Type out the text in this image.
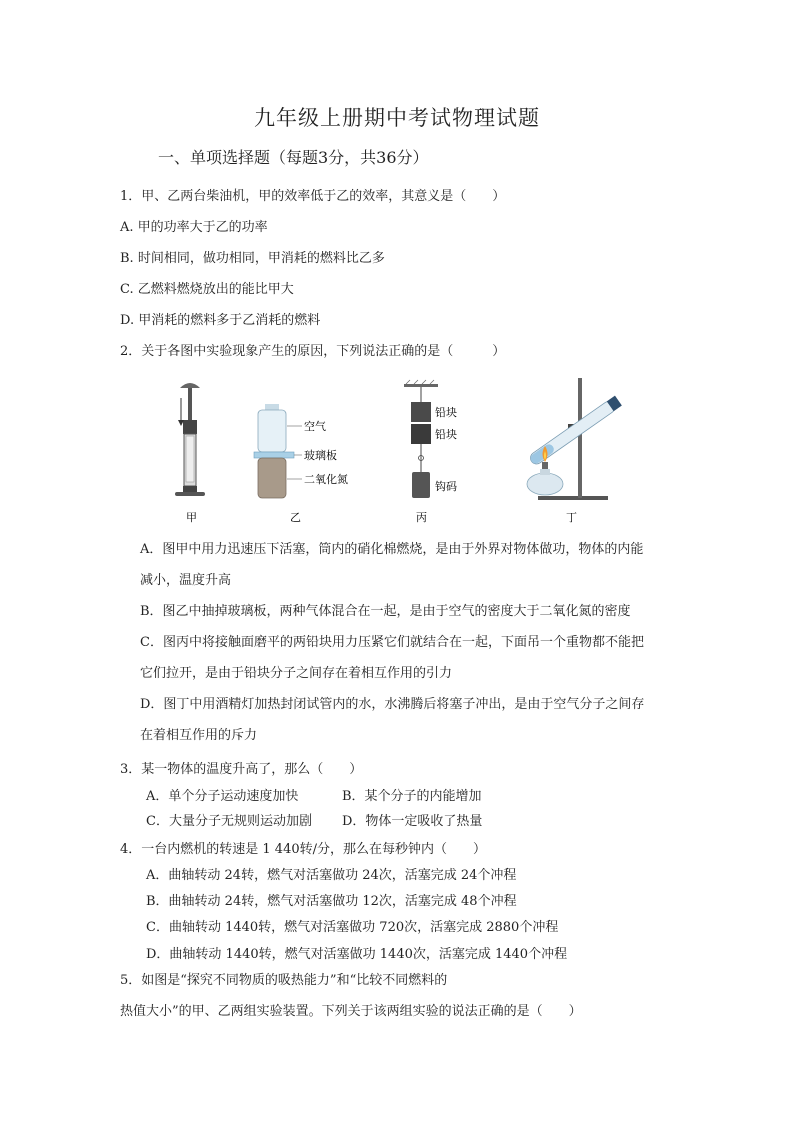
九年级上册期中考试物理试题
一、单项选择题（每题3分，共36分）
1．甲、乙两台柴油机，甲的效率低于乙的效率，其意义是（　　）
A. 甲的功率大于乙的功率
B. 时间相同，做功相同，甲消耗的燃料比乙多
C. 乙燃料燃烧放出的能比甲大
D. 甲消耗的燃料多于乙消耗的燃料
2．关于各图中实验现象产生的原因，下列说法正确的是（　　　）
甲
空气
玻璃板
二氧化氮
乙
铅块
铅块
钩码
丙	丁
A．图甲中用力迅速压下活塞，筒内的硝化棉燃烧，是由于外界对物体做功，物体的内能
减小，温度升高
B．图乙中抽掉玻璃板，两种气体混合在一起，是由于空气的密度大于二氧化氮的密度
C．图丙中将接触面磨平的两铅块用力压紧它们就结合在一起，下面吊一个重物都不能把
它们拉开，是由于铅块分子之间存在着相互作用的引力
D．图丁中用酒精灯加热封闭试管内的水，水沸腾后将塞子冲出，是由于空气分子之间存
在着相互作用的斥力
3．某一物体的温度升高了，那么（　　）
A．单个分子运动速度加快	B．某个分子的内能增加
C．大量分子无规则运动加剧 D．物体一定吸收了热量
4．一台内燃机的转速是 1 440转/分，那么在每秒钟内（　　）
A．曲轴转动 24转，燃气对活塞做功 24次，活塞完成 24个冲程
B．曲轴转动 24转，燃气对活塞做功 12次，活塞完成 48个冲程
C．曲轴转动 1440转，燃气对活塞做功 720次，活塞完成 2880个冲程
D．曲轴转动 1440转，燃气对活塞做功 1440次，活塞完成 1440个冲程
5．如图是“探究不同物质的吸热能力”和“比较不同燃料的
热值大小”的甲、乙两组实验装置。下列关于该两组实验的说法正确的是（　　）
